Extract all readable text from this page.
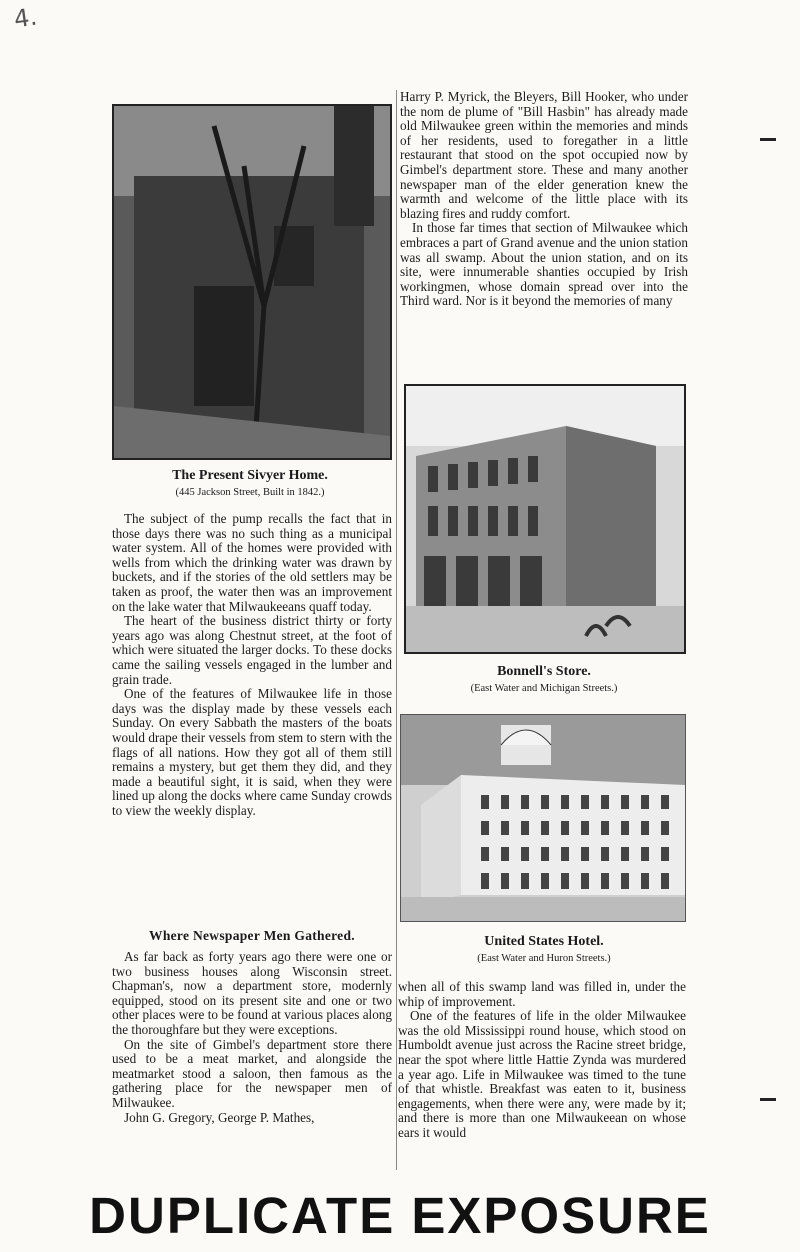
4.
The Present Sivyer Home.
(445 Jackson Street, Built in 1842.)

The subject of the pump recalls the fact that in those days there was no such thing as a municipal water system. All of the homes were provided with wells from which the drinking water was drawn by buckets, and if the stories of the old settlers may be taken as proof, the water then was an improvement on the lake water that Milwaukeeans quaff today.

The heart of the business district thirty or forty years ago was along Chestnut street, at the foot of which were situated the larger docks. To these docks came the sailing vessels engaged in the lumber and grain trade.

One of the features of Milwaukee life in those days was the display made by these vessels each Sunday. On every Sabbath the masters of the boats would drape their vessels from stem to stern with the flags of all nations. How they got all of them still remains a mystery, but get them they did, and they made a beautiful sight, it is said, when they were lined up along the docks where came Sunday crowds to view the weekly display.

Where Newspaper Men Gathered.

As far back as forty years ago there were one or two business houses along Wisconsin street. Chapman's, now a department store, modernly equipped, stood on its present site and one or two other places were to be found at various places along the thoroughfare but they were exceptions.

On the site of Gimbel's department store there used to be a meat market, and alongside the meatmarket stood a saloon, then famous as the gathering place for the newspaper men of Milwaukee.

John G. Gregory, George P. Mathes,

Harry P. Myrick, the Bleyers, Bill Hooker, who under the nom de plume of "Bill Hasbin" has already made old Milwaukee green within the memories and minds of her residents, used to foregather in a little restaurant that stood on the spot occupied now by Gimbel's department store. These and many another newspaper man of the elder generation knew the warmth and welcome of the little place with its blazing fires and ruddy comfort.

In those far times that section of Milwaukee which embraces a part of Grand avenue and the union station was all swamp. About the union station, and on its site, were innumerable shanties occupied by Irish workingmen, whose domain spread over into the Third ward. Nor is it beyond the memories of many

Bonnell's Store.
(East Water and Michigan Streets.)
United States Hotel.
(East Water and Huron Streets.)

when all of this swamp land was filled in, under the whip of improvement.

One of the features of life in the older Milwaukee was the old Mississippi round house, which stood on Humboldt avenue just across the Racine street bridge, near the spot where little Hattie Zynda was murdered a year ago. Life in Milwaukee was timed to the tune of that whistle. Breakfast was eaten to it, business engagements, when there were any, were made by it; and there is more than one Milwaukeean on whose ears it would

DUPLICATE EXPOSURE
